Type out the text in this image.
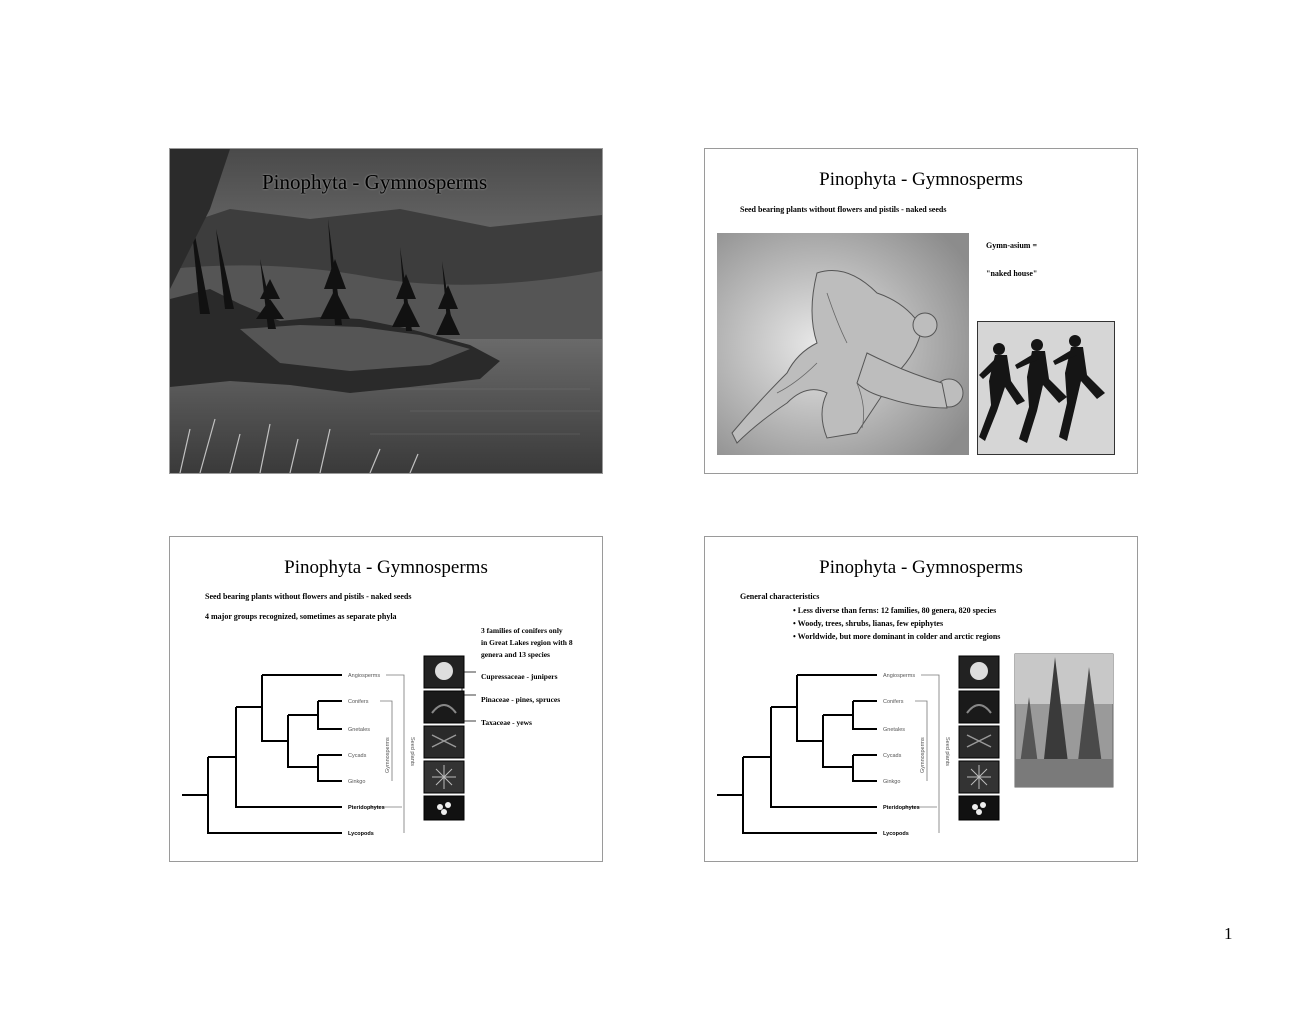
Pinophyta - Gymnosperms	Pinophyta - Gymnosperms
Seed bearing plants without flowers and pistils - naked seeds
Gymn-asium =
"naked house"
Pinophyta - Gymnosperms
Seed bearing plants without flowers and pistils - naked seeds
4 major groups recognized, sometimes as separate phyla
3 families of conifers only
in Great Lakes region with 8
genera and 13 species
Cupressaceae - junipers
Pinaceae - pines, spruces
Taxaceae - yews
Angiosperms
Conifers
Gnetales
Cycads
Ginkgo
Pteridophytes
Lycopods
Gymnosperms	Seed plants
Pinophyta - Gymnosperms
General characteristics
• Less diverse than ferns: 12 families, 80 genera, 820 species
• Woody, trees, shrubs, lianas, few epiphytes
• Worldwide, but more dominant in colder and arctic regions
Angiosperms
Conifers
Gnetales
Cycads
Ginkgo
Pteridophytes
Lycopods
Gymnosperms	Seed plants
1
